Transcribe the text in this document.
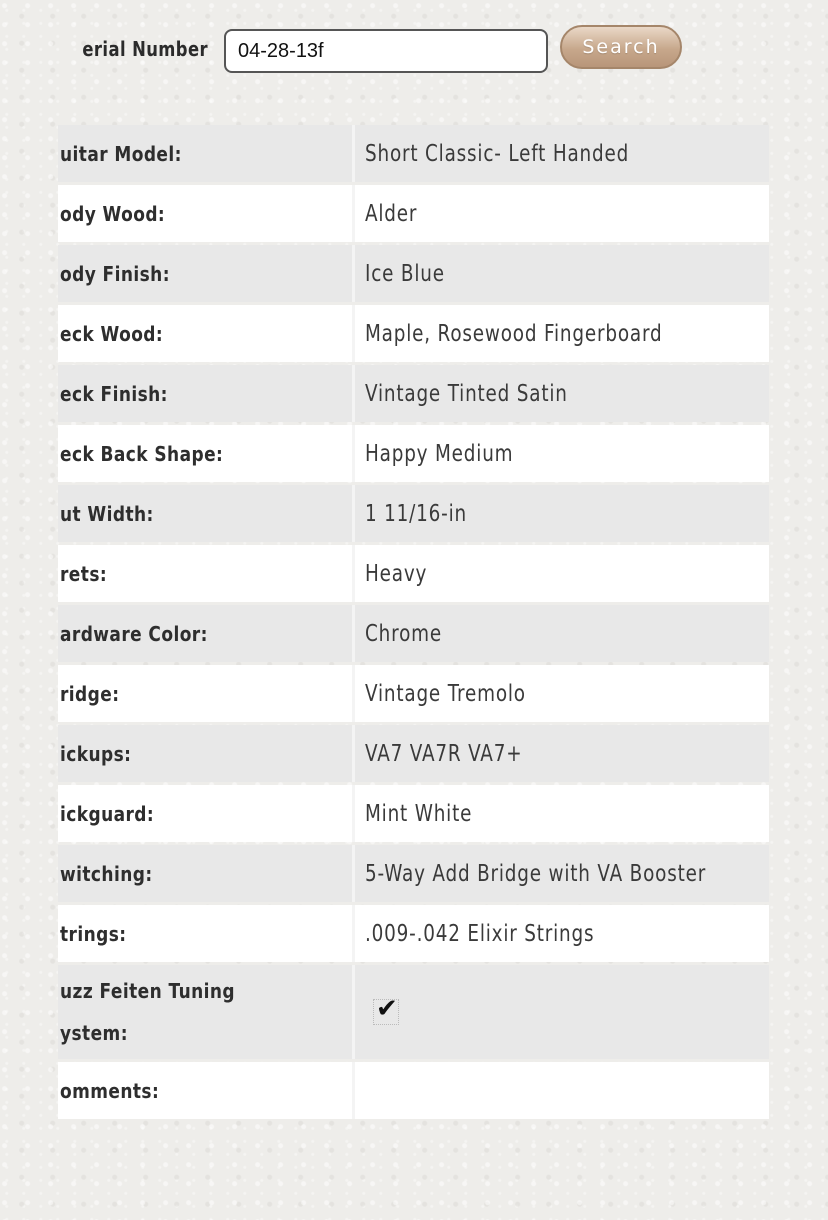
erial Number
04-28-13f	Search
uitar Model:	Short Classic- Left Handed
ody Wood:	Alder
ody Finish:	Ice Blue
eck Wood:	Maple, Rosewood Fingerboard
eck Finish:	Vintage Tinted Satin
eck Back Shape:	Happy Medium
ut Width:	1 11/16-in
rets:	Heavy
ardware Color:	Chrome
ridge:	Vintage Tremolo
ickups:	VA7 VA7R VA7+
ickguard:	Mint White
witching:	5-Way Add Bridge with VA Booster
trings:	.009-.042 Elixir Strings
uzz Feiten Tuning ystem:	✔

omments:	
